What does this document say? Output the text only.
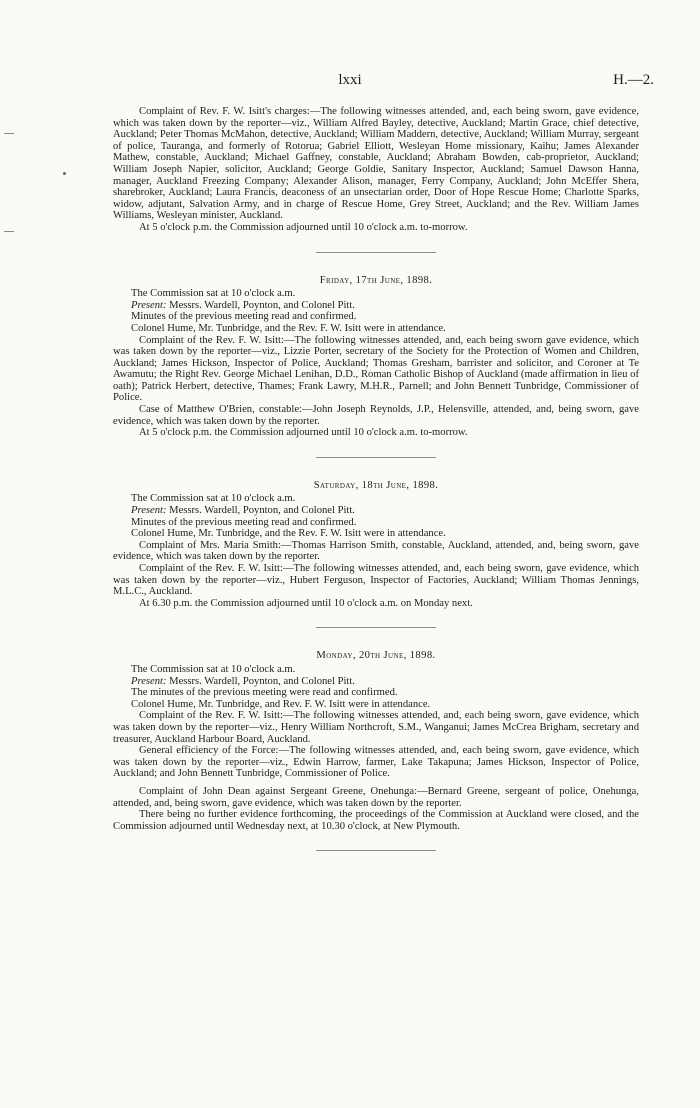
lxxi	H.—2.

Complaint of Rev. F. W. Isitt's charges:—The following witnesses attended, and, each being sworn, gave evidence, which was taken down by the reporter—viz., William Alfred Bayley, detective, Auckland; Martin Grace, chief detective, Auckland; Peter Thomas McMahon, detective, Auckland; William Maddern, detective, Auckland; William Murray, sergeant of police, Tauranga, and formerly of Rotorua; Gabriel Elliott, Wesleyan Home missionary, Kaihu; James Alexander Mathew, constable, Auckland; Michael Gaffney, constable, Auckland; Abraham Bowden, cab-proprietor, Auckland; William Joseph Napier, solicitor, Auckland; George Goldie, Sanitary Inspector, Auckland; Samuel Dawson Hanna, manager, Auckland Freezing Company; Alexander Alison, manager, Ferry Company, Auckland; John McEffer Shera, sharebroker, Auckland; Laura Francis, deaconess of an unsectarian order, Door of Hope Rescue Home; Charlotte Sparks, widow, adjutant, Salvation Army, and in charge of Rescue Home, Grey Street, Auckland; and the Rev. William James Williams, Wesleyan minister, Auckland.

At 5 o'clock p.m. the Commission adjourned until 10 o'clock a.m. to-morrow.

Friday, 17th June, 1898.

The Commission sat at 10 o'clock a.m.

Present: Messrs. Wardell, Poynton, and Colonel Pitt.

Minutes of the previous meeting read and confirmed.

Colonel Hume, Mr. Tunbridge, and the Rev. F. W. Isitt were in attendance.

Complaint of the Rev. F. W. Isitt:—The following witnesses attended, and, each being sworn gave evidence, which was taken down by the reporter—viz., Lizzie Porter, secretary of the Society for the Protection of Women and Children, Auckland; James Hickson, Inspector of Police, Auckland; Thomas Gresham, barrister and solicitor, and Coroner at Te Awamutu; the Right Rev. George Michael Lenihan, D.D., Roman Catholic Bishop of Auckland (made affirmation in lieu of oath); Patrick Herbert, detective, Thames; Frank Lawry, M.H.R., Parnell; and John Bennett Tunbridge, Commissioner of Police.

Case of Matthew O'Brien, constable:—John Joseph Reynolds, J.P., Helensville, attended, and, being sworn, gave evidence, which was taken down by the reporter.

At 5 o'clock p.m. the Commission adjourned until 10 o'clock a.m. to-morrow.

Saturday, 18th June, 1898.

The Commission sat at 10 o'clock a.m.

Present: Messrs. Wardell, Poynton, and Colonel Pitt.

Minutes of the previous meeting read and confirmed.

Colonel Hume, Mr. Tunbridge, and the Rev. F. W. Isitt were in attendance.

Complaint of Mrs. Maria Smith:—Thomas Harrison Smith, constable, Auckland, attended, and, being sworn, gave evidence, which was taken down by the reporter.

Complaint of the Rev. F. W. Isitt:—The following witnesses attended, and, each being sworn, gave evidence, which was taken down by the reporter—viz., Hubert Ferguson, Inspector of Factories, Auckland; William Thomas Jennings, M.L.C., Auckland.

At 6.30 p.m. the Commission adjourned until 10 o'clock a.m. on Monday next.

Monday, 20th June, 1898.

The Commission sat at 10 o'clock a.m.

Present: Messrs. Wardell, Poynton, and Colonel Pitt.

The minutes of the previous meeting were read and confirmed.

Colonel Hume, Mr. Tunbridge, and Rev. F. W. Isitt were in attendance.

Complaint of the Rev. F. W. Isitt:—The following witnesses attended, and, each being sworn, gave evidence, which was taken down by the reporter—viz., Henry William Northcroft, S.M., Wanganui; James McCrea Brigham, secretary and treasurer, Auckland Harbour Board, Auckland.

General efficiency of the Force:—The following witnesses attended, and, each being sworn, gave evidence, which was taken down by the reporter—viz., Edwin Harrow, farmer, Lake Takapuna; James Hickson, Inspector of Police, Auckland; and John Bennett Tunbridge, Commissioner of Police.

Complaint of John Dean against Sergeant Greene, Onehunga:—Bernard Greene, sergeant of police, Onehunga, attended, and, being sworn, gave evidence, which was taken down by the reporter.

There being no further evidence forthcoming, the proceedings of the Commission at Auckland were closed, and the Commission adjourned until Wednesday next, at 10.30 o'clock, at New Plymouth.
